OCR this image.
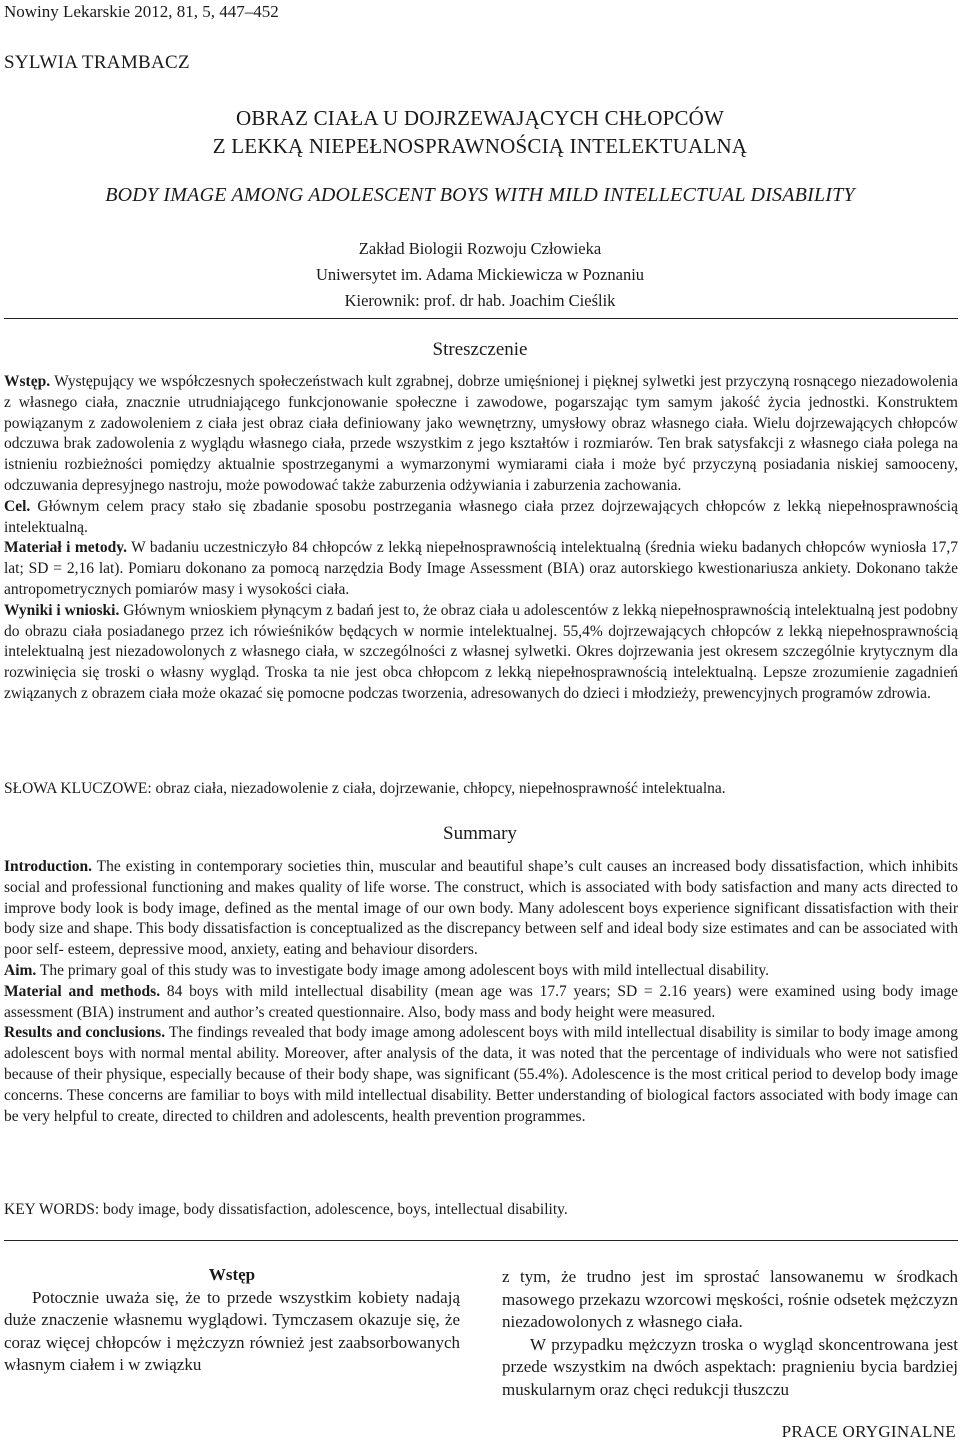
Nowiny Lekarskie 2012, 81, 5, 447–452

SYLWIA TRAMBACZ

OBRAZ CIAŁA U DOJRZEWAJĄCYCH CHŁOPCÓW
Z LEKKĄ NIEPEŁNOSPRAWNOŚCIĄ INTELEKTUALNĄ

BODY IMAGE AMONG ADOLESCENT BOYS WITH MILD INTELLECTUAL DISABILITY

Zakład Biologii Rozwoju Człowieka
Uniwersytet im. Adama Mickiewicza w Poznaniu
Kierownik: prof. dr hab. Joachim Cieślik

Streszczenie

Wstęp. Występujący we współczesnych społeczeństwach kult zgrabnej, dobrze umięśnionej i pięknej sylwetki jest przyczyną rosnącego niezadowolenia z własnego ciała, znacznie utrudniającego funkcjonowanie społeczne i zawodowe, pogarszając tym samym jakość życia jednostki. Konstruktem powiązanym z zadowoleniem z ciała jest obraz ciała definiowany jako wewnętrzny, umysłowy obraz własnego ciała. Wielu dojrzewających chłopców odczuwa brak zadowolenia z wyglądu własnego ciała, przede wszystkim z jego kształtów i rozmiarów. Ten brak satysfakcji z własnego ciała polega na istnieniu rozbieżności pomiędzy aktualnie spostrzeganymi a wymarzonymi wymiarami ciała i może być przyczyną posiadania niskiej samooceny, odczuwania depresyjnego nastroju, może powodować także zaburzenia odżywiania i zaburzenia zachowania.

Cel. Głównym celem pracy stało się zbadanie sposobu postrzegania własnego ciała przez dojrzewających chłopców z lekką niepełnosprawnością intelektualną.

Materiał i metody. W badaniu uczestniczyło 84 chłopców z lekką niepełnosprawnością intelektualną (średnia wieku badanych chłopców wyniosła 17,7 lat; SD = 2,16 lat). Pomiaru dokonano za pomocą narzędzia Body Image Assessment (BIA) oraz autorskiego kwestionariusza ankiety. Dokonano także antropometrycznych pomiarów masy i wysokości ciała.

Wyniki i wnioski. Głównym wnioskiem płynącym z badań jest to, że obraz ciała u adolescentów z lekką niepełnosprawnością intelektualną jest podobny do obrazu ciała posiadanego przez ich rówieśników będących w normie intelektualnej. 55,4% dojrzewających chłopców z lekką niepełnosprawnością intelektualną jest niezadowolonych z własnego ciała, w szczególności z własnej sylwetki. Okres dojrzewania jest okresem szczególnie krytycznym dla rozwinięcia się troski o własny wygląd. Troska ta nie jest obca chłopcom z lekką niepełnosprawnością intelektualną. Lepsze zrozumienie zagadnień związanych z obrazem ciała może okazać się pomocne podczas tworzenia, adresowanych do dzieci i młodzieży, prewencyjnych programów zdrowia.

SŁOWA KLUCZOWE: obraz ciała, niezadowolenie z ciała, dojrzewanie, chłopcy, niepełnosprawność intelektualna.

Summary

Introduction. The existing in contemporary societies thin, muscular and beautiful shape’s cult causes an increased body dissatisfaction, which inhibits social and professional functioning and makes quality of life worse. The construct, which is associated with body satisfaction and many acts directed to improve body look is body image, defined as the mental image of our own body. Many adolescent boys experience significant dissatisfaction with their body size and shape. This body dissatisfaction is conceptualized as the discrepancy between self and ideal body size estimates and can be associated with poor self- esteem, depressive mood, anxiety, eating and behaviour disorders.

Aim. The primary goal of this study was to investigate body image among adolescent boys with mild intellectual disability.

Material and methods. 84 boys with mild intellectual disability (mean age was 17.7 years; SD = 2.16 years) were examined using body image assessment (BIA) instrument and author’s created questionnaire. Also, body mass and body height were measured.

Results and conclusions. The findings revealed that body image among adolescent boys with mild intellectual disability is similar to body image among adolescent boys with normal mental ability. Moreover, after analysis of the data, it was noted that the percentage of individuals who were not satisfied because of their physique, especially because of their body shape, was significant (55.4%). Adolescence is the most critical period to develop body image concerns. These concerns are familiar to boys with mild intellectual disability. Better understanding of biological factors associated with body image can be very helpful to create, directed to children and adolescents, health prevention programmes.

KEY WORDS: body image, body dissatisfaction, adolescence, boys, intellectual disability.

Wstęp

Potocznie uważa się, że to przede wszystkim kobiety nadają duże znaczenie własnemu wyglądowi. Tymczasem okazuje się, że coraz więcej chłopców i mężczyzn również jest zaabsorbowanych własnym ciałem i w związku

z tym, że trudno jest im sprostać lansowanemu w środkach masowego przekazu wzorcowi męskości, rośnie odsetek mężczyzn niezadowolonych z własnego ciała.

W przypadku mężczyzn troska o wygląd skoncentrowana jest przede wszystkim na dwóch aspektach: pragnieniu bycia bardziej muskularnym oraz chęci redukcji tłuszczu

PRACE ORYGINALNE
